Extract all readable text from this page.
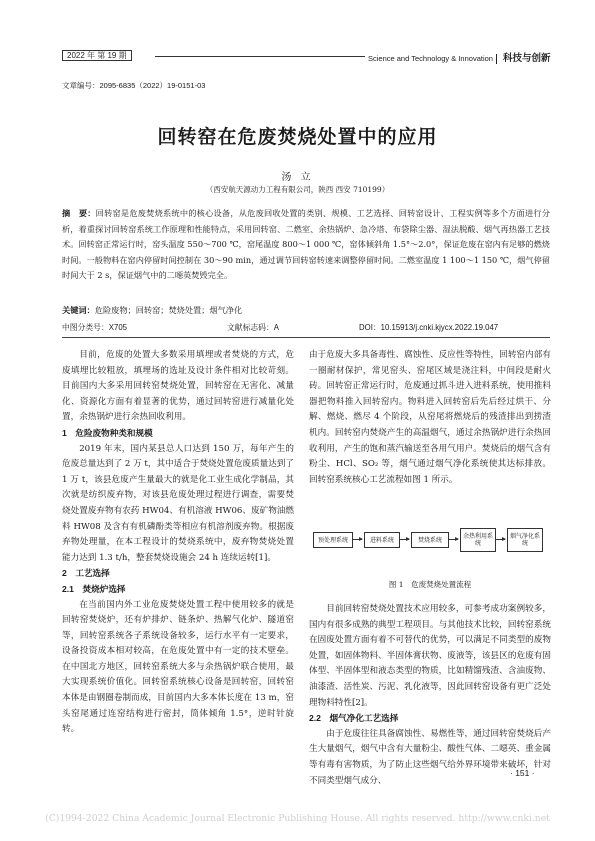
2022 年 第 19 期	Science and Technology & Innovation 科技与创新
文章编号：2095-6835（2022）19-0151-03
回转窑在危废焚烧处置中的应用
汤 立
（西安航天源动力工程有限公司，陕西 西安 710199）
摘　要：回转窑是危废焚烧系统中的核心设备，从危废回收处置的类别、规模、工艺选择、回转窑设计、工程实例等多个方面进行分析，着重探讨回转窑系统工作原理和性能特点，采用回转窑、二燃室、余热锅炉、急冷塔、布袋除尘器、湿法脱酸、烟气再热器工艺技术。回转窑正常运行时，窑头温度 550～700 ℃，窑尾温度 800～1 000 ℃，窑体倾斜角 1.5°～2.0°，保证危废在窑内有足够的燃烧时间。一般物料在窑内停留时间控制在 30～90 min，通过调节回转窑转速来调整停留时间。二燃室温度 1 100～1 150 ℃，烟气停留时间大于 2 s，保证烟气中的二噁英焚毁完全。
关键词：危险废物；回转窑；焚烧处置；烟气净化
中图分类号：X705	文献标志码：A	DOI：10.15913/j.cnki.kjycx.2022.19.047

目前，危废的处置大多数采用填埋或者焚烧的方式，危废填埋比较粗放，填埋场的选址及设计条件相对比较苛刻。目前国内大多采用回转窑焚烧处置，回转窑在无害化、减量化、资源化方面有着显著的优势，通过回转窑进行减量化处置，余热锅炉进行余热回收利用。

1　危险废物种类和规模

2019 年末，国内某县总人口达到 150 万，每年产生的危废总量达到了 2 万 t，其中适合于焚烧处置危废质量达到了 1 万 t，该县危废产生量最大的就是化工业生成化学制品，其次就是纺织废弃物，对该县危废处理过程进行调查，需要焚烧处置废弃物有农药 HW04、有机溶液 HW06、废矿物油燃料 HW08 及含有有机磷酚类等相应有机溶剂废弃物。根据废弃物处理量，在本工程设计的焚烧系统中，废弃物焚烧处置能力达到 1.3 t/h，整套焚烧设施会 24 h 连续运转[1]。

2　工艺选择

2.1　焚烧炉选择

在当前国内外工业危废焚烧处置工程中使用较多的就是回转窑焚烧炉，还有炉排炉、链条炉、热解气化炉、隧道窑等，回转窑系统各子系统设备较多，运行水平有一定要求，设备投资成本相对较高，在危废处置中有一定的技术壁垒。在中国北方地区，回转窑系统大多与余热锅炉联合使用，最大实现系统价值化。回转窑系统核心设备是回转窑，回转窑本体是由钢圈卷制而成，目前国内大多本体长度在 13 m，窑头窑尾通过连窑结构进行密封，筒体倾角 1.5°，逆时针旋转。

由于危废大多具备毒性、腐蚀性、反应性等特性，回转窑内部有一圈耐材保护，常见窑头、窑尾区域是浇注料，中间段是耐火砖。回转窑正常运行时，危废通过抓斗进入进料系统，使用推料器把物料推入回转窑内。物料进入回转窑后先后经过烘干、分解、燃烧、燃尽 4 个阶段，从窑尾将燃烧后的残渣排出到捞渣机内。回转窑内焚烧产生的高温烟气，通过余热锅炉进行余热回收利用，产生的饱和蒸汽输送至各用气用户。焚烧后的烟气含有粉尘、HCl、SO₂ 等，烟气通过烟气净化系统使其达标排放。回转窑系统核心工艺流程如图 1 所示。

预处理系统	进料系统	焚烧系统	余热利用系统
烟气净化系统
图 1　危废焚烧处置流程

目前回转窑焚烧处置技术应用较多，可参考成功案例较多，国内有很多成熟的典型工程项目。与其他技术比较，回转窑系统在固废处置方面有着不可替代的优势，可以满足不同类型的废物处置，如固体物料、半固体膏状物、废液等，该县区的危废有固体型、半固体型和液态类型的物质，比如精馏残渣、含油废物、油漆渣、活性炭、污泥、乳化液等，因此回转窑设备有更广泛处理物料特性[2]。

2.2　烟气净化工艺选择

由于危废往往具备腐蚀性、易燃性等，通过回转窑焚烧后产生大量烟气，烟气中含有大量粉尘、酸性气体、二噁英、重金属等有毒有害物质，为了防止这些烟气给外界环境带来破坏，针对不同类型烟气成分、

· 151 ·
(C)1994-2022 China Academic Journal Electronic Publishing House. All rights reserved. http://www.cnki.net
